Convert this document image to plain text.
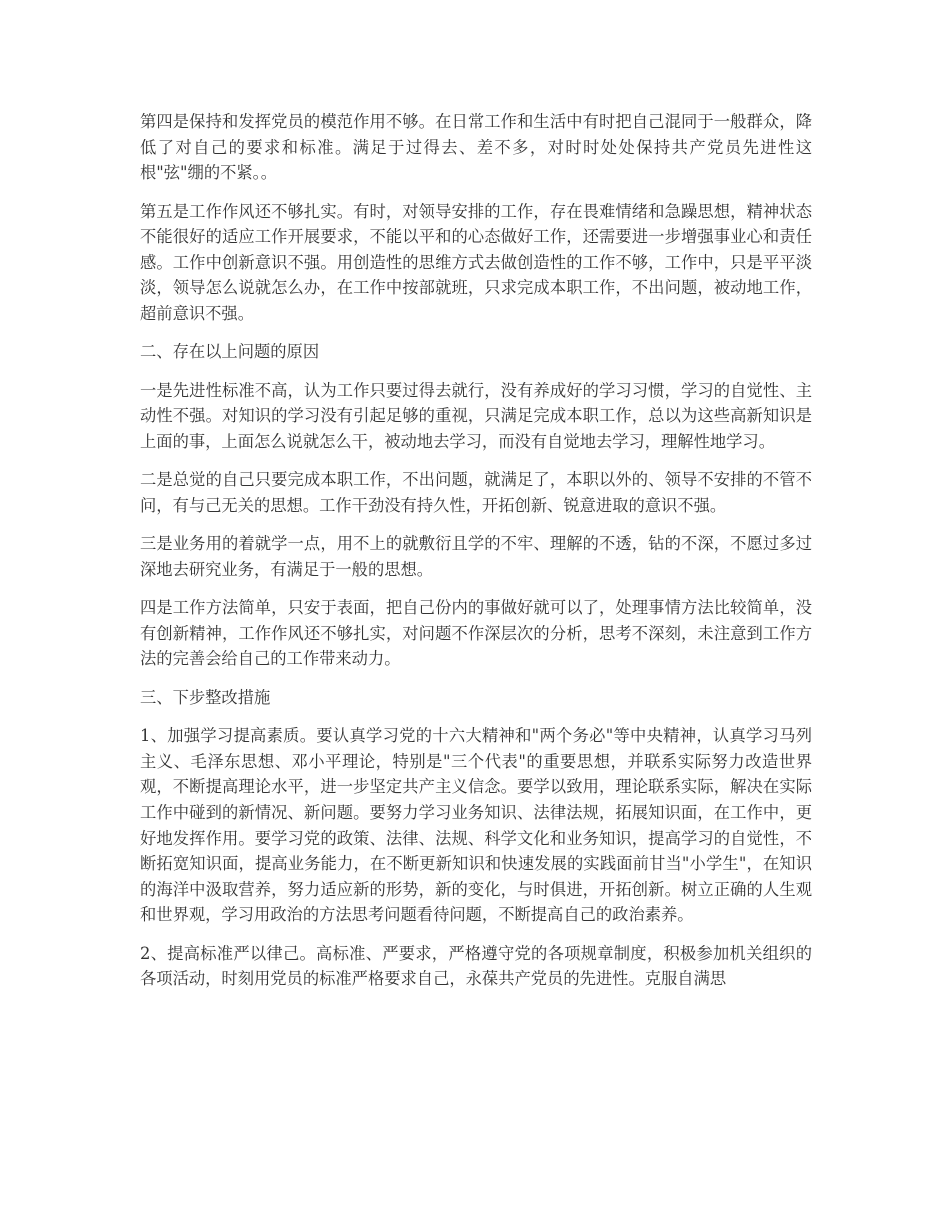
第四是保持和发挥党员的模范作用不够。在日常工作和生活中有时把自己混同于一般群众，降低了对自己的要求和标准。满足于过得去、差不多，对时时处处保持共产党员先进性这根"弦"绷的不紧。。

第五是工作作风还不够扎实。有时，对领导安排的工作，存在畏难情绪和急躁思想，精神状态不能很好的适应工作开展要求，不能以平和的心态做好工作，还需要进一步增强事业心和责任感。工作中创新意识不强。用创造性的思维方式去做创造性的工作不够，工作中，只是平平淡淡，领导怎么说就怎么办，在工作中按部就班，只求完成本职工作，不出问题，被动地工作，超前意识不强。

二、存在以上问题的原因

一是先进性标准不高，认为工作只要过得去就行，没有养成好的学习习惯，学习的自觉性、主动性不强。对知识的学习没有引起足够的重视，只满足完成本职工作，总以为这些高新知识是上面的事，上面怎么说就怎么干，被动地去学习，而没有自觉地去学习，理解性地学习。

二是总觉的自己只要完成本职工作，不出问题，就满足了，本职以外的、领导不安排的不管不问，有与己无关的思想。工作干劲没有持久性，开拓创新、锐意进取的意识不强。

三是业务用的着就学一点，用不上的就敷衍且学的不牢、理解的不透，钻的不深，不愿过多过深地去研究业务，有满足于一般的思想。

四是工作方法简单，只安于表面，把自己份内的事做好就可以了，处理事情方法比较简单，没有创新精神，工作作风还不够扎实，对问题不作深层次的分析，思考不深刻，未注意到工作方法的完善会给自己的工作带来动力。

三、下步整改措施

1、加强学习提高素质。要认真学习党的十六大精神和"两个务必"等中央精神，认真学习马列主义、毛泽东思想、邓小平理论，特别是"三个代表"的重要思想，并联系实际努力改造世界观，不断提高理论水平，进一步坚定共产主义信念。要学以致用，理论联系实际，解决在实际工作中碰到的新情况、新问题。要努力学习业务知识、法律法规，拓展知识面，在工作中，更好地发挥作用。要学习党的政策、法律、法规、科学文化和业务知识，提高学习的自觉性，不断拓宽知识面，提高业务能力，在不断更新知识和快速发展的实践面前甘当"小学生"，在知识的海洋中汲取营养，努力适应新的形势，新的变化，与时俱进，开拓创新。树立正确的人生观和世界观，学习用政治的方法思考问题看待问题，不断提高自己的政治素养。

2、提高标准严以律己。高标准、严要求，严格遵守党的各项规章制度，积极参加机关组织的各项活动，时刻用党员的标准严格要求自己，永葆共产党员的先进性。克服自满思
